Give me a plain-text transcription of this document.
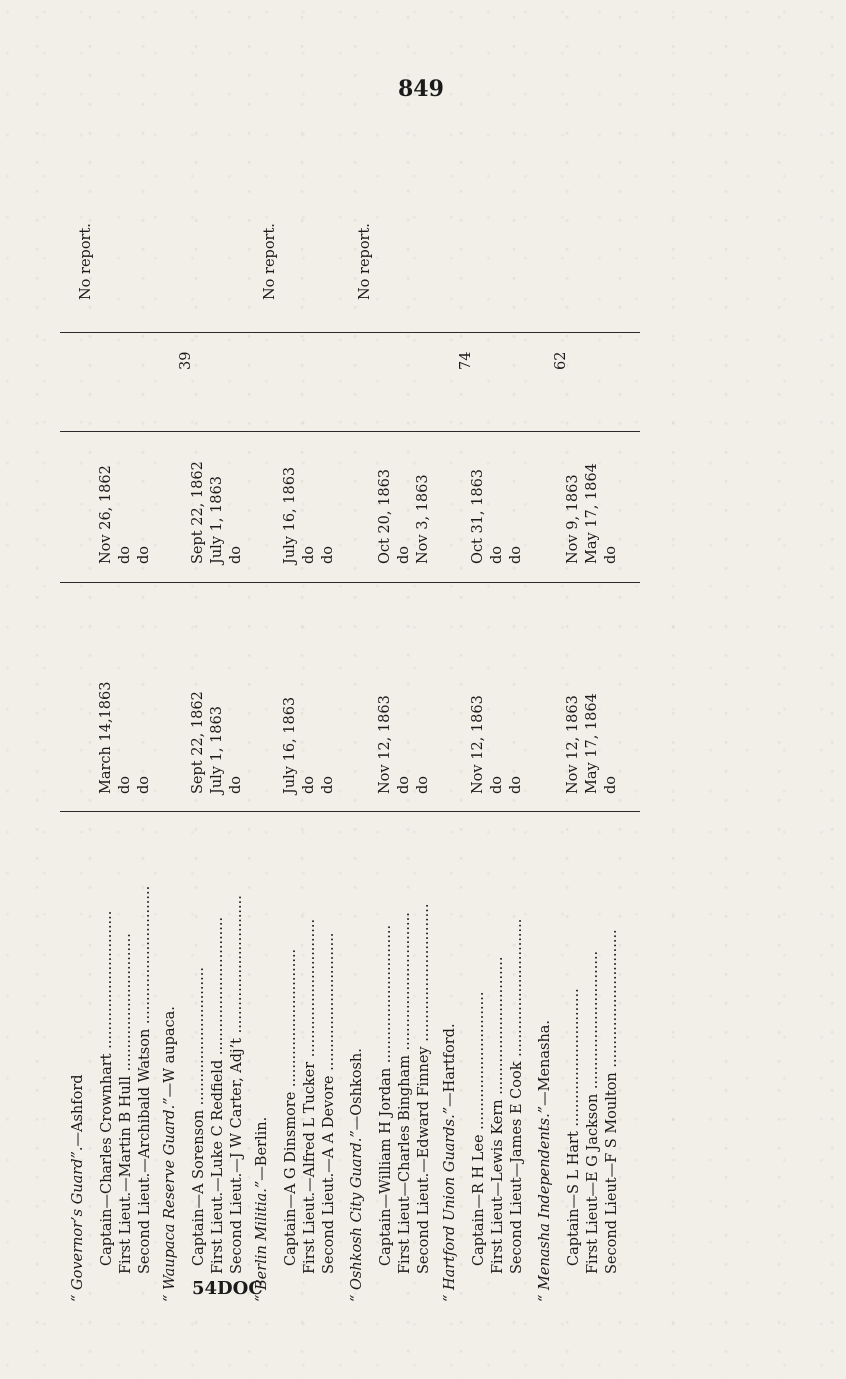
849
54DOC
“ Governor’s Guard”.—Ashford Captain—Charles Crownhart ..............................
March 14,1863
Nov 26, 1862
First Lieut.—Martin B Hull ..............................
do
do
Second Lieut.—Archibald Watson ..............................
do
do
No report.
“ Waupaca Reserve Guard.”—W aupaca.
Captain—A Sorenson ..............................
Sept 22, 1862
Sept 22, 1862
First Lieut.—Luke C Redfield ..............................
July 1, 1863
July 1, 1863
Second Lieut.—J W Carter, Adj’t ..............................
do
do
39
“ Berlin Militia.”—Berlin. Captain—A G Dinsmore ..............................
July 16, 1863
July 16, 1863
First Lieut.—Alfred L Tucker ..............................
do
do
Second Lieut.—A A Devore ..............................
do
do
No report.
“ Oshkosh City Guard.”—Oshkosh. Captain—William H Jordan ..............................
Nov 12, 1863
Oct 20, 1863
First Lieut—Charles Bingham ..............................
do
do
Second Lieut.—Edward Finney ..............................
do
Nov 3, 1863
No report.
“ Hartford Union Guards.”—Hartford.
Captain—R H Lee ..............................
Nov 12, 1863
Oct 31, 1863
First Lieut—Lewis Kern ..............................
do
do
Second Lieut—James E Cook ..............................
do
do
74
“ Menasha Independents.”—Menasha.
Captain—S L Hart ..............................
Nov 12, 1863
Nov 9, 1863
First Lieut—E G Jackson ..............................
May 17, 1864
May 17, 1864
Second Lieut—F S Moulton ..............................
do
do
62
